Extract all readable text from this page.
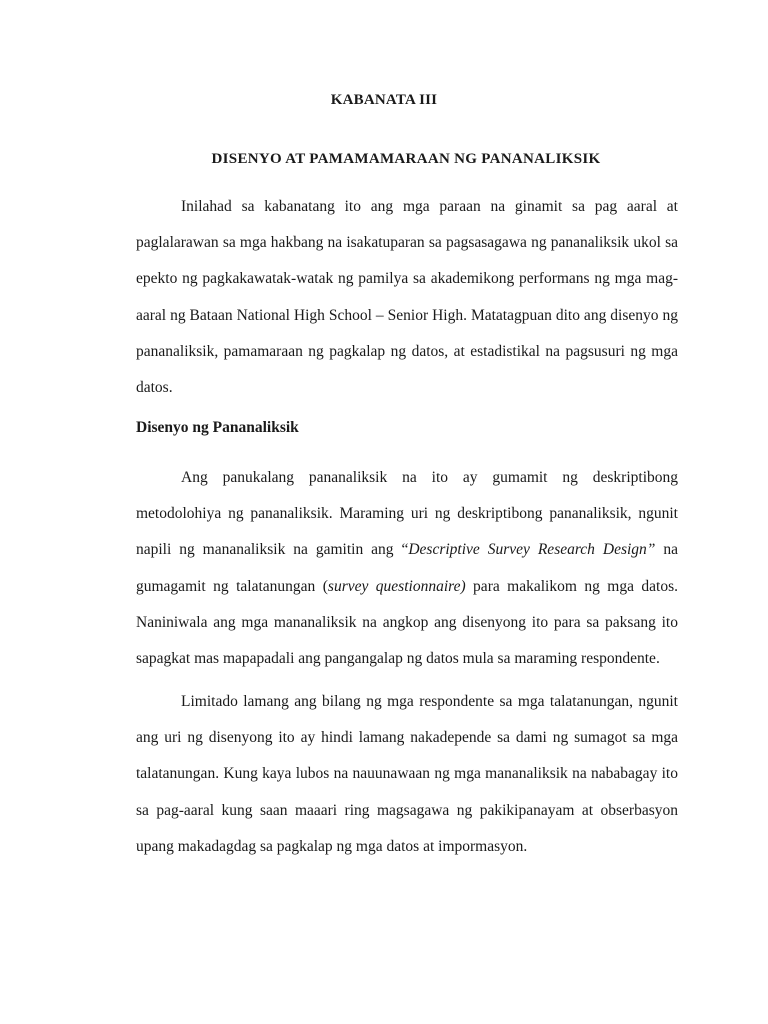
KABANATA III
DISENYO AT PAMAMAMARAAN NG PANANALIKSIK

Inilahad sa kabanatang ito ang mga paraan na ginamit sa pag aaral at paglalarawan sa mga hakbang na isakatuparan sa pagsasagawa ng pananaliksik ukol sa epekto ng pagkakawatak-watak ng pamilya sa akademikong performans ng mga mag-aaral ng Bataan National High School – Senior High. Matatagpuan dito ang disenyo ng pananaliksik, pamamaraan ng pagkalap ng datos, at estadistikal na pagsusuri ng mga datos.

Disenyo ng Pananaliksik

Ang panukalang pananaliksik na ito ay gumamit ng deskriptibong metodolohiya ng pananaliksik. Maraming uri ng deskriptibong pananaliksik, ngunit napili ng mananaliksik na gamitin ang “Descriptive Survey Research Design” na gumagamit ng talatanungan (survey questionnaire) para makalikom ng mga datos. Naniniwala ang mga mananaliksik na angkop ang disenyong ito para sa paksang ito sapagkat mas mapapadali ang pangangalap ng datos mula sa maraming respondente.

Limitado lamang ang bilang ng mga respondente sa mga talatanungan, ngunit ang uri ng disenyong ito ay hindi lamang nakadepende sa dami ng sumagot sa mga talatanungan. Kung kaya lubos na nauunawaan ng mga mananaliksik na nababagay ito sa pag-aaral kung saan maaari ring magsagawa ng pakikipanayam at obserbasyon upang makadagdag sa pagkalap ng mga datos at impormasyon.
